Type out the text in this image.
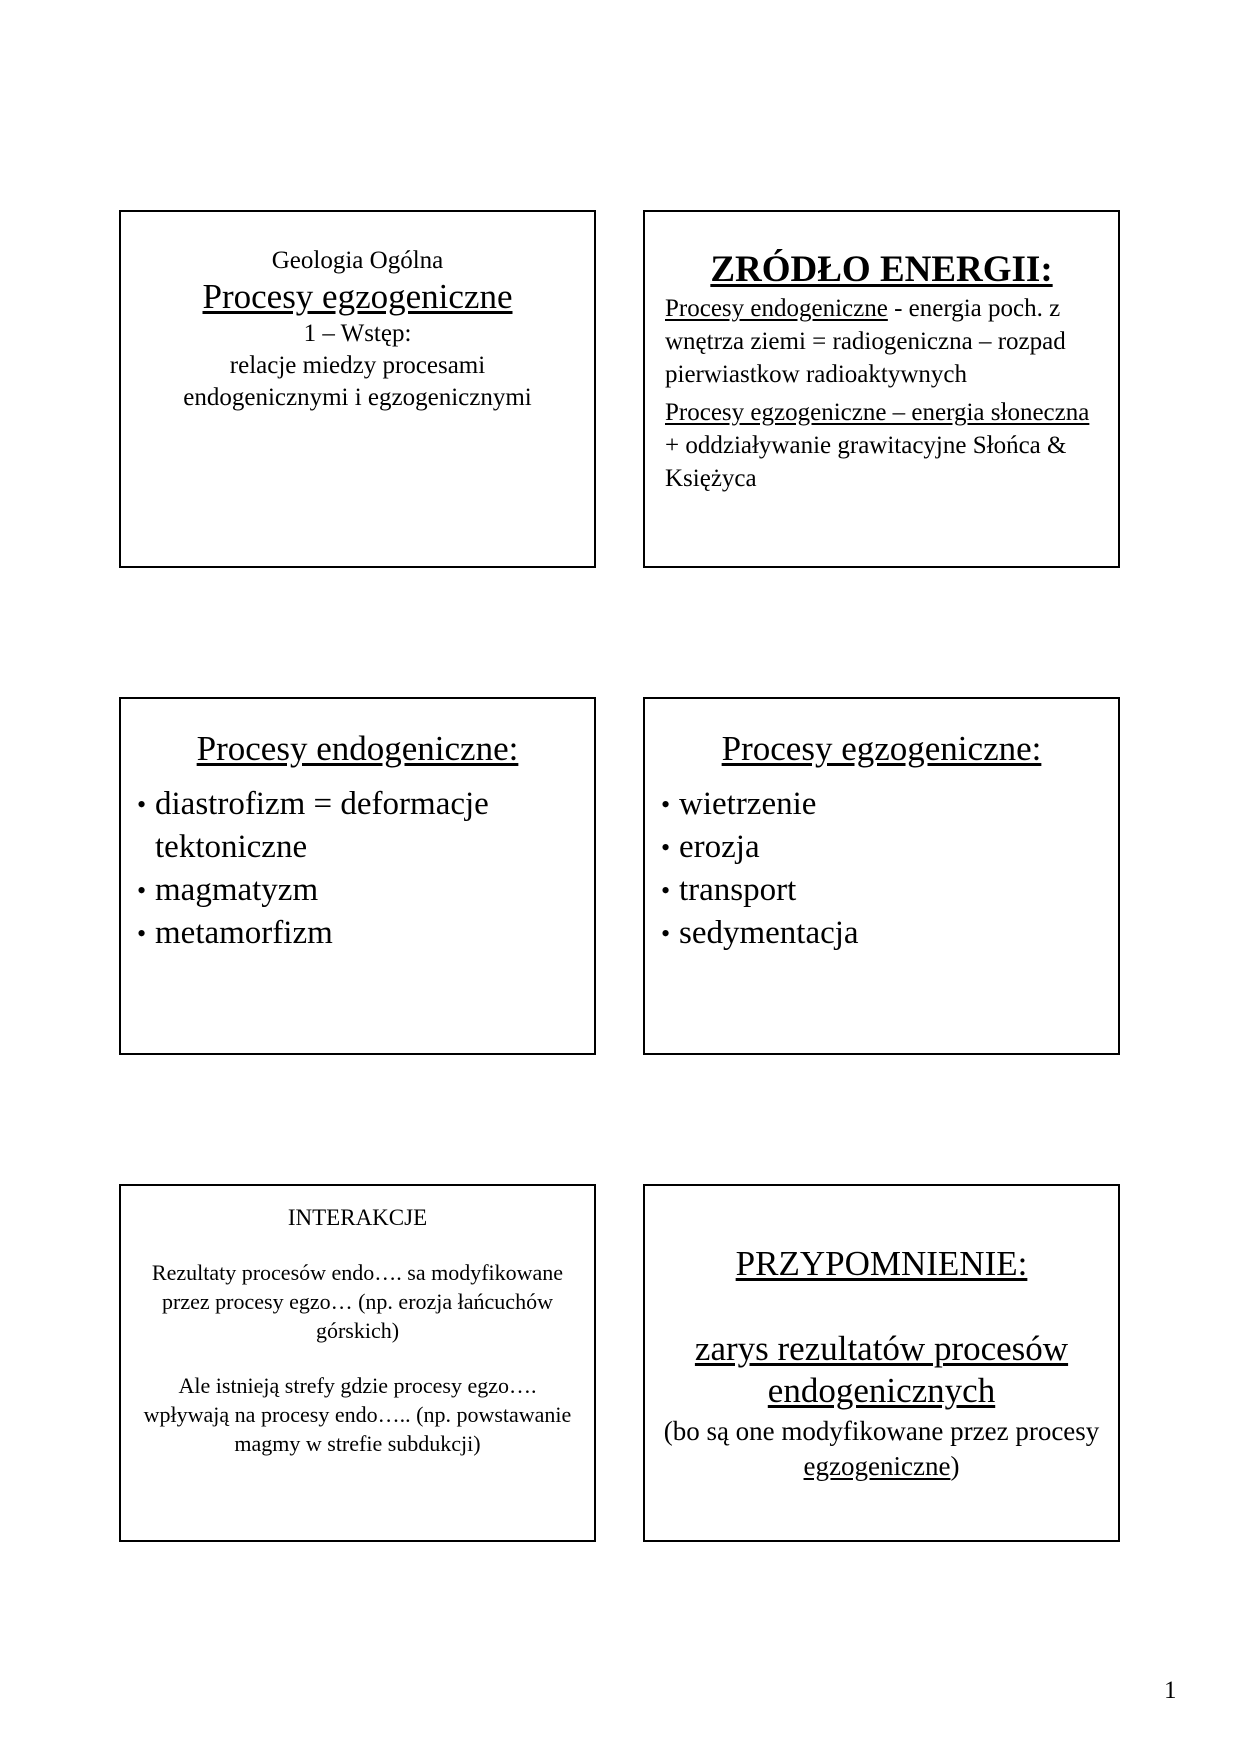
Geologia Ogólna
Procesy egzogeniczne
1 – Wstęp:
relacje miedzy procesami
endogenicznymi i egzogenicznymi
ZRÓDŁO ENERGII:

Procesy endogeniczne - energia poch. z wnętrza ziemi = radiogeniczna – rozpad pierwiastkow radioaktywnych

Procesy egzogeniczne – energia słoneczna + oddziaływanie grawitacyjne Słońca & Księżyca

Procesy endogeniczne:
• diastrofizm = deformacje tektoniczne
• magmatyzm
• metamorfizm
Procesy egzogeniczne:
• wietrzenie
• erozja
• transport
• sedymentacja
INTERAKCJE

Rezultaty procesów endo…. sa modyfikowane przez procesy egzo… (np. erozja łańcuchów górskich)

Ale istnieją strefy gdzie procesy egzo…. wpływają na procesy endo….. (np. powstawanie magmy w strefie subdukcji)

PRZYPOMNIENIE:
zarys rezultatów procesów endogenicznych
(bo są one modyfikowane przez procesy egzogeniczne)
1
